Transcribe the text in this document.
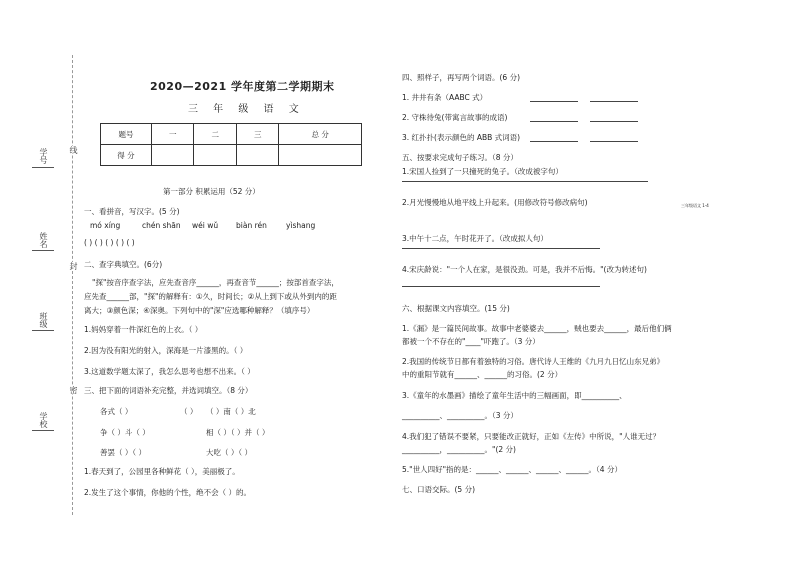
学号
姓名
班级
学校
线
封
密
2020—2021 学年度第二学期期末
三 年 级 语 文
题号	一	二	三	总 分
得 分				
第一部分 积累运用（52 分）
一、看拼音，写汉字。(5 分)
mó xíng	chén shān wéi wǔ biàn rén	yìshang
( ) ( ) ( ) ( ) ( )
二、查字典填空。(6分)
"探"按音序查字法，应先查音序______，再查音节______；按部首查字法，
应先查______部，"探"的解释有：①久，时间长；②从上到下或从外到内的距
离大；③颜色深；④深奥。下列句中的"深"应选哪种解释？（填序号）
1.妈妈穿着一件深红色的上衣。（ ）
2.因为没有阳光的射入，深海是一片漆黑的。（ ）
3.这道数学题太深了，我怎么思考也想不出来。（ ）
三、把下面的词语补充完整，并选词填空。（8 分）
各式（ ）	（ ） （ ）南（ ）北
争（ ）斗（ ）	相（ ）（ ）并（ ）
善罢（ ）（ ）	大吃（ ）（ ）
1.春天到了，公园里各种鲜花（ ），美丽极了。
2.发生了这个事情，你他的个性，绝不会（ ）的。
四、照样子，再写两个词语。(6 分)
1. 井井有条（AABC 式）
2. 守株待兔(带寓言故事的成语)
3. 红扑扑(表示颜色的 ABB 式词语)
五、按要求完成句子练习。（8 分）
1.宋国人捡到了一只撞死的兔子。（改成被字句）
2.月光慢慢地从地平线上升起来。(用修改符号修改病句)	三年级语文 1-4
3.中午十二点，午时花开了。（改成拟人句）
4.宋庆龄说："一个人在家，是很没劲。可是，我并不后悔。"(改为转述句)
六、根据课文内容填空。(15 分)
1.《漏》是一篇民间故事。故事中老婆婆去______，贼也要去______，最后他们俩
都被一个不存在的"____"吓跑了。（3 分）
2.我国的传统节日都有着独特的习俗。唐代诗人王维的《九月九日忆山东兄弟》
中的重阳节就有______、______的习俗。(2 分）
3.《童年的水墨画》描绘了童年生活中的三幅画面，即__________、
__________、__________。（3 分）
4.我们犯了错误不要紧，只要能改正就好，正如《左传》中所说，"人谁无过？
__________，__________。"(2 分)
5."世人四好"指的是：______、______、______、______。（4 分）
七、口语交际。(5 分)
